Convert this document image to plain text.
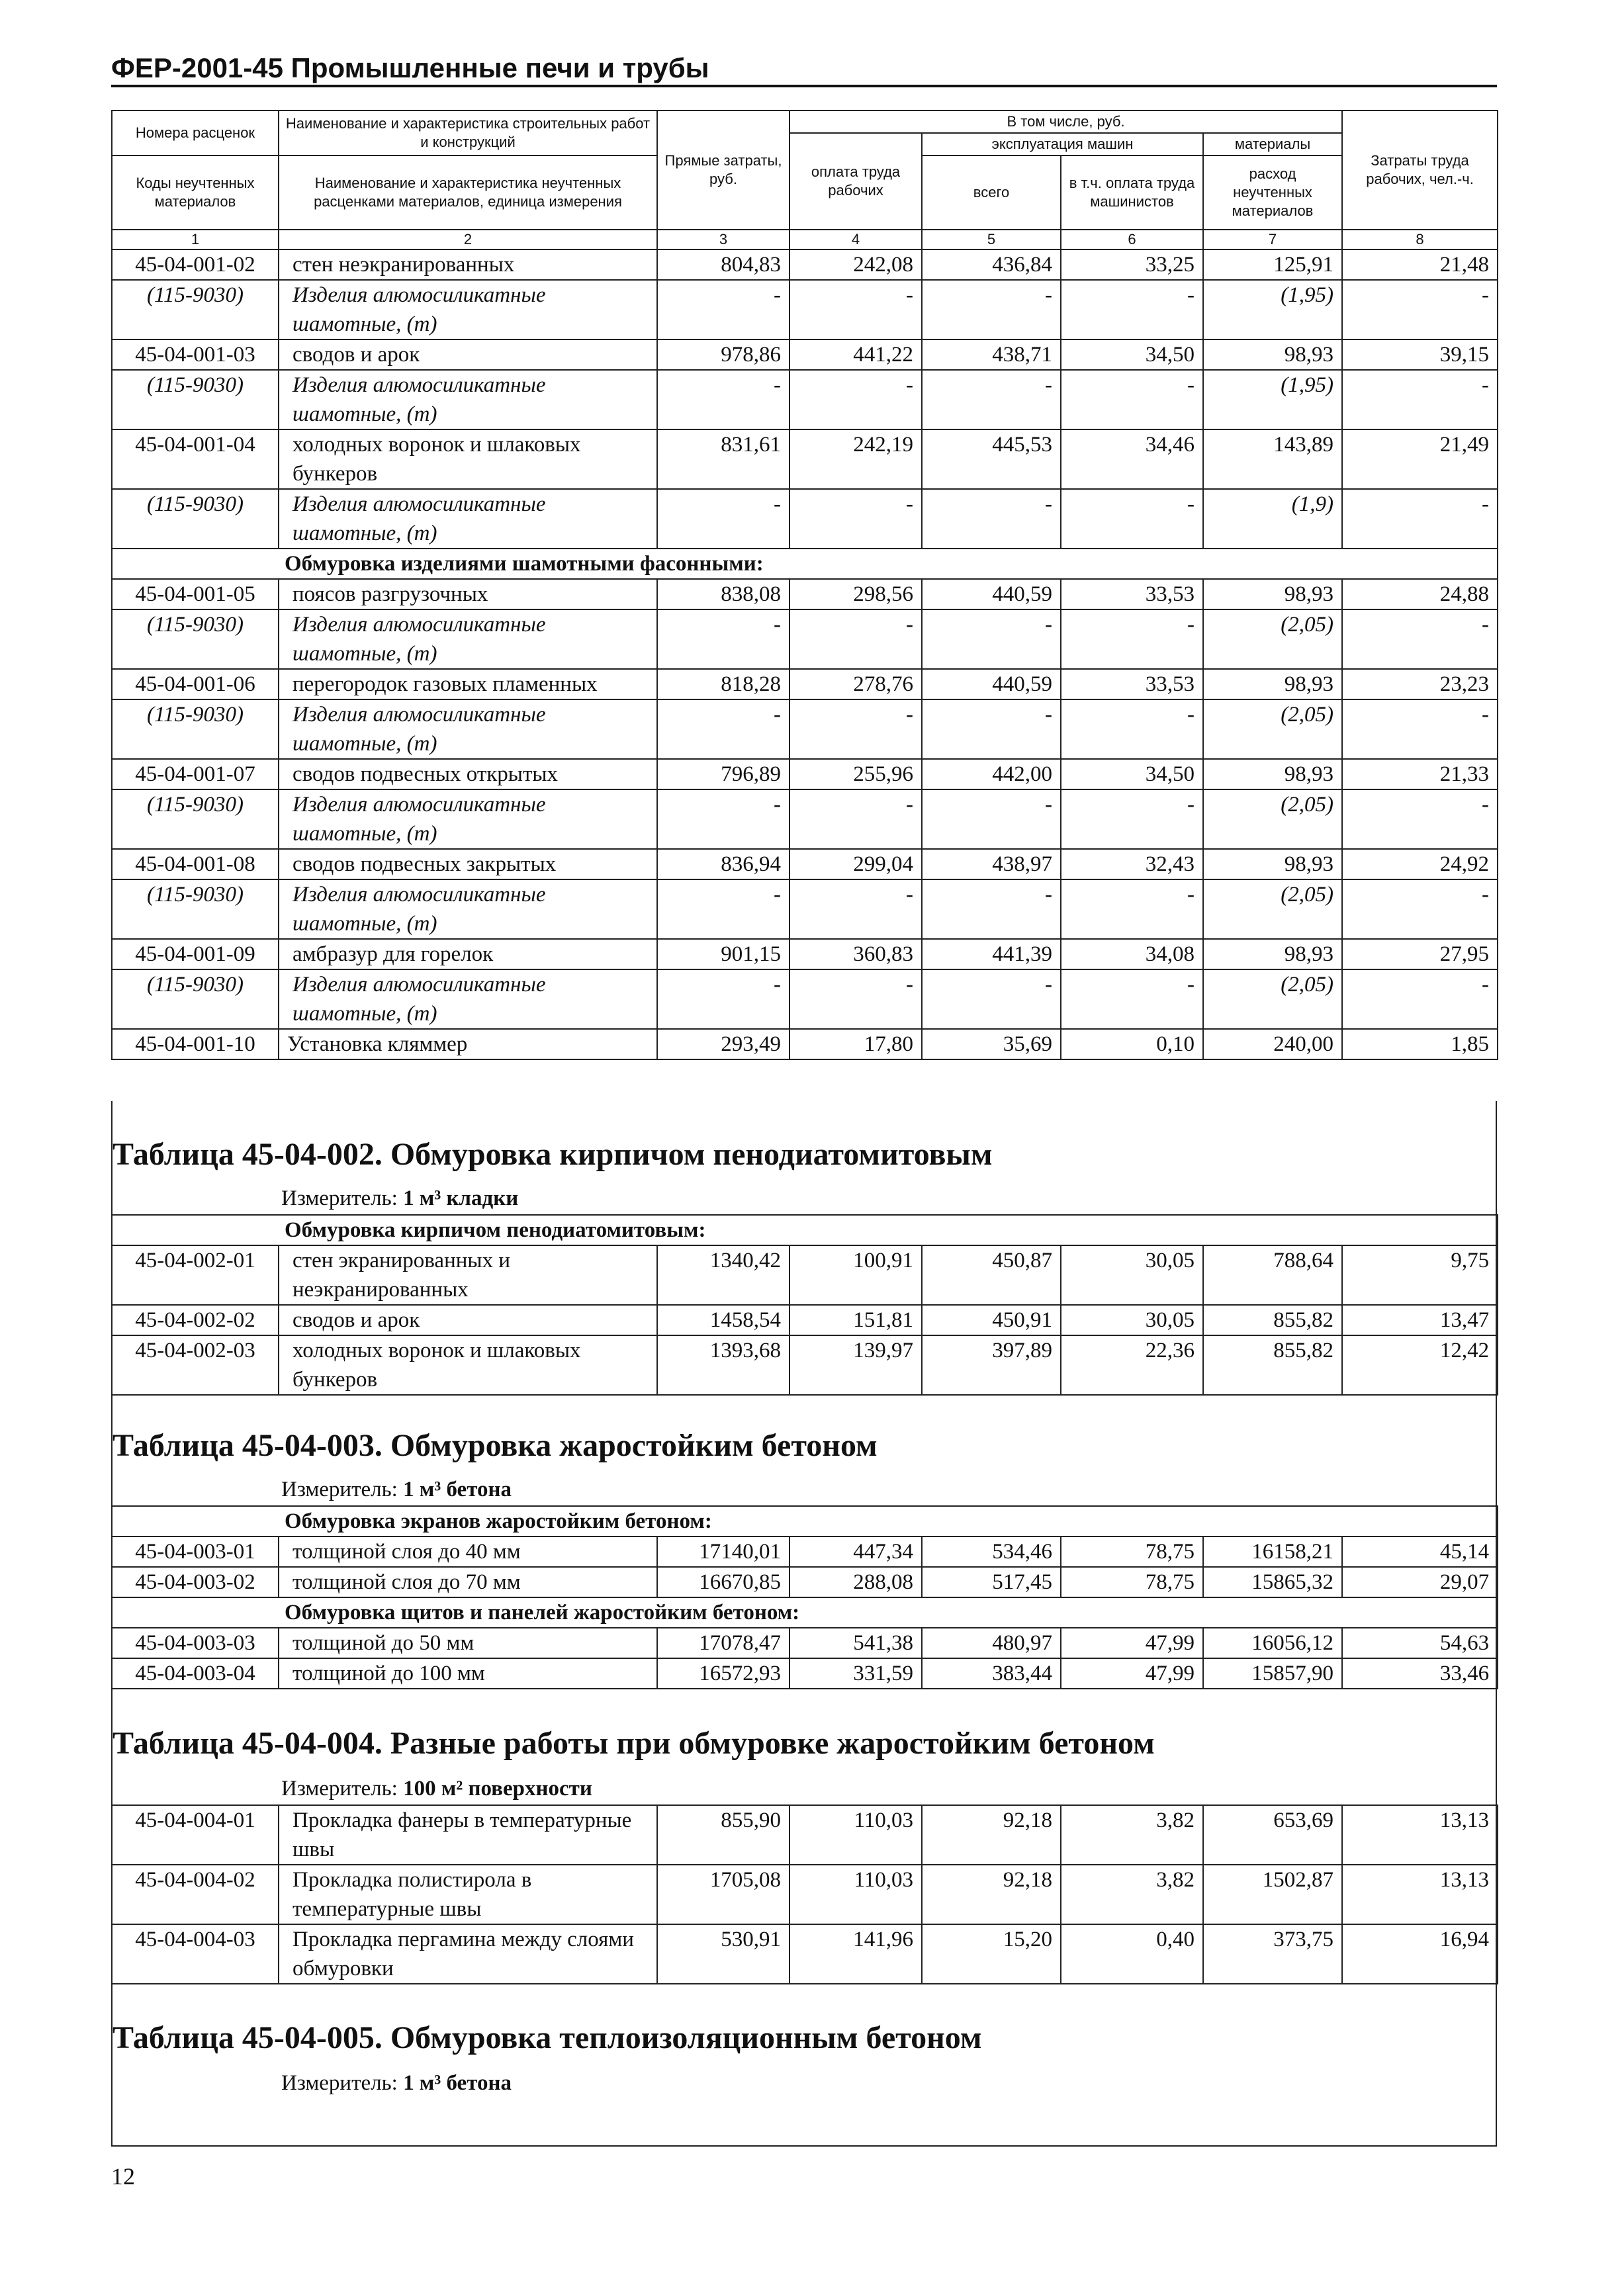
ФЕР-2001-45 Промышленные печи и трубы
Номера расценок	Наименование и характеристика строительных работ и конструкций	Прямые затраты, руб.	В том числе, руб.				Затраты труда рабочих, чел.-ч.
			оплата труда рабочих	эксплуатация машин		материалы	
Коды неучтенных материалов	Наименование и характеристика неучтенных расценками материалов, единица измерения			всего	в т.ч. оплата труда машинистов	расход неучтенных материалов	

1	2	3	4	5	6	7	8
45-04-001-02	стен неэкранированных	804,83	242,08	436,84	33,25	125,91	21,48
(115-9030)	Изделия алюмосиликатные шамотные, (т)	-	-	-	-	(1,95)	-
45-04-001-03	сводов и арок	978,86	441,22	438,71	34,50	98,93	39,15
(115-9030)	Изделия алюмосиликатные шамотные, (т)	-	-	-	-	(1,95)	-
45-04-001-04	холодных воронок и шлаковых бункеров	831,61	242,19	445,53	34,46	143,89	21,49
(115-9030)	Изделия алюмосиликатные шамотные, (т)	-	-	-	-	(1,9)	-
Обмуровка изделиями шамотными фасонными:							
45-04-001-05	поясов разгрузочных	838,08	298,56	440,59	33,53	98,93	24,88
(115-9030)	Изделия алюмосиликатные шамотные, (т)	-	-	-	-	(2,05)	-
45-04-001-06	перегородок газовых пламенных	818,28	278,76	440,59	33,53	98,93	23,23
(115-9030)	Изделия алюмосиликатные шамотные, (т)	-	-	-	-	(2,05)	-
45-04-001-07	сводов подвесных открытых	796,89	255,96	442,00	34,50	98,93	21,33
(115-9030)	Изделия алюмосиликатные шамотные, (т)	-	-	-	-	(2,05)	-
45-04-001-08	сводов подвесных закрытых	836,94	299,04	438,97	32,43	98,93	24,92
(115-9030)	Изделия алюмосиликатные шамотные, (т)	-	-	-	-	(2,05)	-
45-04-001-09	амбразур для горелок	901,15	360,83	441,39	34,08	98,93	27,95
(115-9030)	Изделия алюмосиликатные шамотные, (т)	-	-	-	-	(2,05)	-
45-04-001-10	Установка кляммер	293,49	17,80	35,69	0,10	240,00	1,85
Таблица 45-04-002. Обмуровка кирпичом пенодиатомитовым
Измеритель: 1 м³ кладки
Обмуровка кирпичом пенодиатомитовым:							
45-04-002-01	стен экранированных и неэкранированных	1340,42	100,91	450,87	30,05	788,64	9,75
45-04-002-02	сводов и арок	1458,54	151,81	450,91	30,05	855,82	13,47
45-04-002-03	холодных воронок и шлаковых бункеров	1393,68	139,97	397,89	22,36	855,82	12,42
Таблица 45-04-003. Обмуровка жаростойким бетоном
Измеритель: 1 м³ бетона
Обмуровка экранов жаростойким бетоном:							
45-04-003-01	толщиной слоя до 40 мм	17140,01	447,34	534,46	78,75	16158,21	45,14
45-04-003-02	толщиной слоя до 70 мм	16670,85	288,08	517,45	78,75	15865,32	29,07
Обмуровка щитов и панелей жаростойким бетоном:							
45-04-003-03	толщиной до 50 мм	17078,47	541,38	480,97	47,99	16056,12	54,63
45-04-003-04	толщиной до 100 мм	16572,93	331,59	383,44	47,99	15857,90	33,46
Таблица 45-04-004. Разные работы при обмуровке жаростойким бетоном
Измеритель: 100 м² поверхности
45-04-004-01	Прокладка фанеры в температурные швы	855,90	110,03	92,18	3,82	653,69	13,13
45-04-004-02	Прокладка полистирола в температурные швы	1705,08	110,03	92,18	3,82	1502,87	13,13
45-04-004-03	Прокладка пергамина между слоями обмуровки	530,91	141,96	15,20	0,40	373,75	16,94
Таблица 45-04-005. Обмуровка теплоизоляционным бетоном
Измеритель: 1 м³ бетона
12
